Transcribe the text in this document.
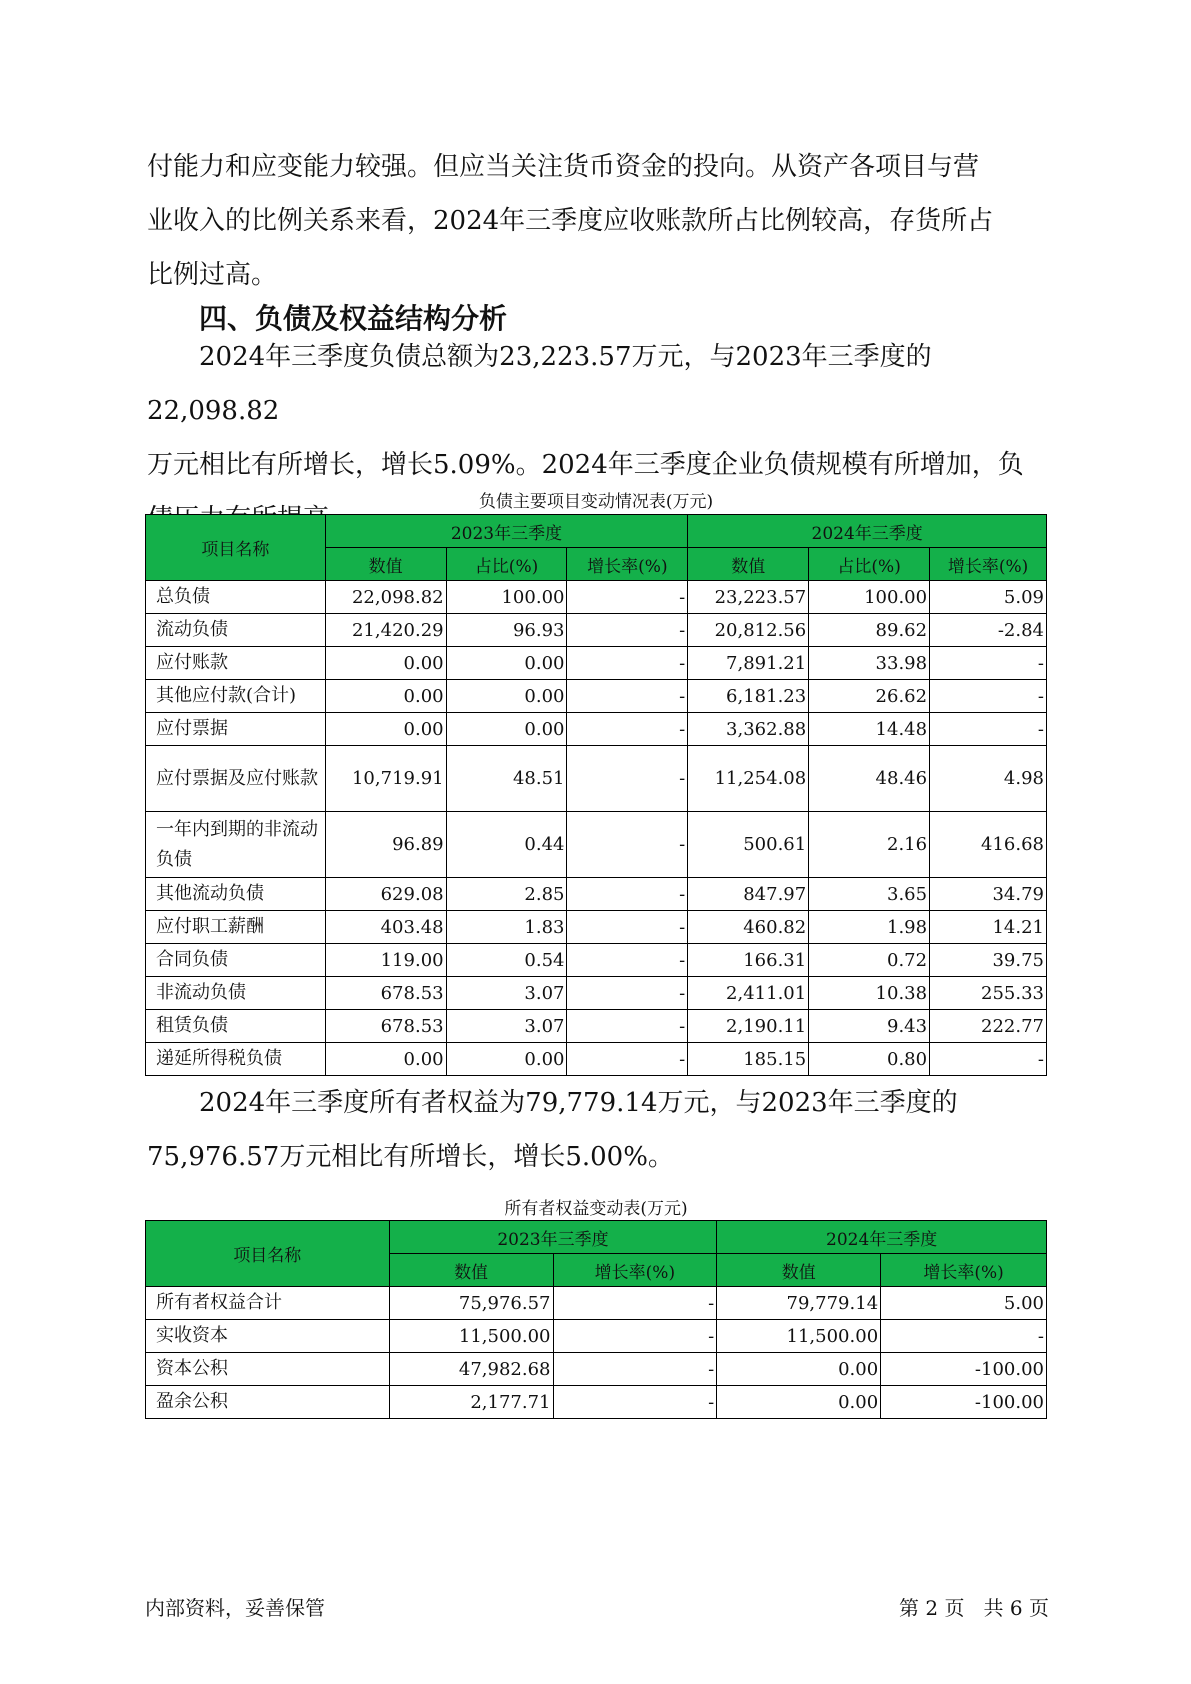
付能力和应变能力较强。但应当关注货币资金的投向。从资产各项目与营

业收入的比例关系来看，2024年三季度应收账款所占比例较高，存货所占

比例过高。

四、负债及权益结构分析

2024年三季度负债总额为23,223.57万元，与2023年三季度的22,098.82

万元相比有所增长，增长5.09%。2024年三季度企业负债规模有所增加，负

负债主要项目变动情况表(万元)
项目名称	2023年三季度			2024年三季度		
	数值	占比(%)	增长率(%)	数值	占比(%)	增长率(%)
总负债	22,098.82	100.00	-	23,223.57	100.00	5.09
流动负债	21,420.29	96.93	-	20,812.56	89.62	-2.84
应付账款	0.00	0.00	-	7,891.21	33.98	-
其他应付款(合计)	0.00	0.00	-	6,181.23	26.62	-
应付票据	0.00	0.00	-	3,362.88	14.48	-
应付票据及应付账款	10,719.91	48.51	-	11,254.08	48.46	4.98
一年内到期的非流动负债	96.89	0.44	-	500.61	2.16	416.68
其他流动负债	629.08	2.85	-	847.97	3.65	34.79
应付职工薪酬	403.48	1.83	-	460.82	1.98	14.21
合同负债	119.00	0.54	-	166.31	0.72	39.75
非流动负债	678.53	3.07	-	2,411.01	10.38	255.33
租赁负债	678.53	3.07	-	2,190.11	9.43	222.77
递延所得税负债	0.00	0.00	-	185.15	0.80	-

2024年三季度所有者权益为79,779.14万元，与2023年三季度的

75,976.57万元相比有所增长，增长5.00%。

所有者权益变动表(万元)
项目名称	2023年三季度		2024年三季度	
	数值	增长率(%)	数值	增长率(%)
所有者权益合计	75,976.57	-	79,779.14	5.00
实收资本	11,500.00	-	11,500.00	-
资本公积	47,982.68	-	0.00	-100.00
盈余公积	2,177.71	-	0.00	-100.00
内部资料，妥善保管	第 2 页   共 6 页
